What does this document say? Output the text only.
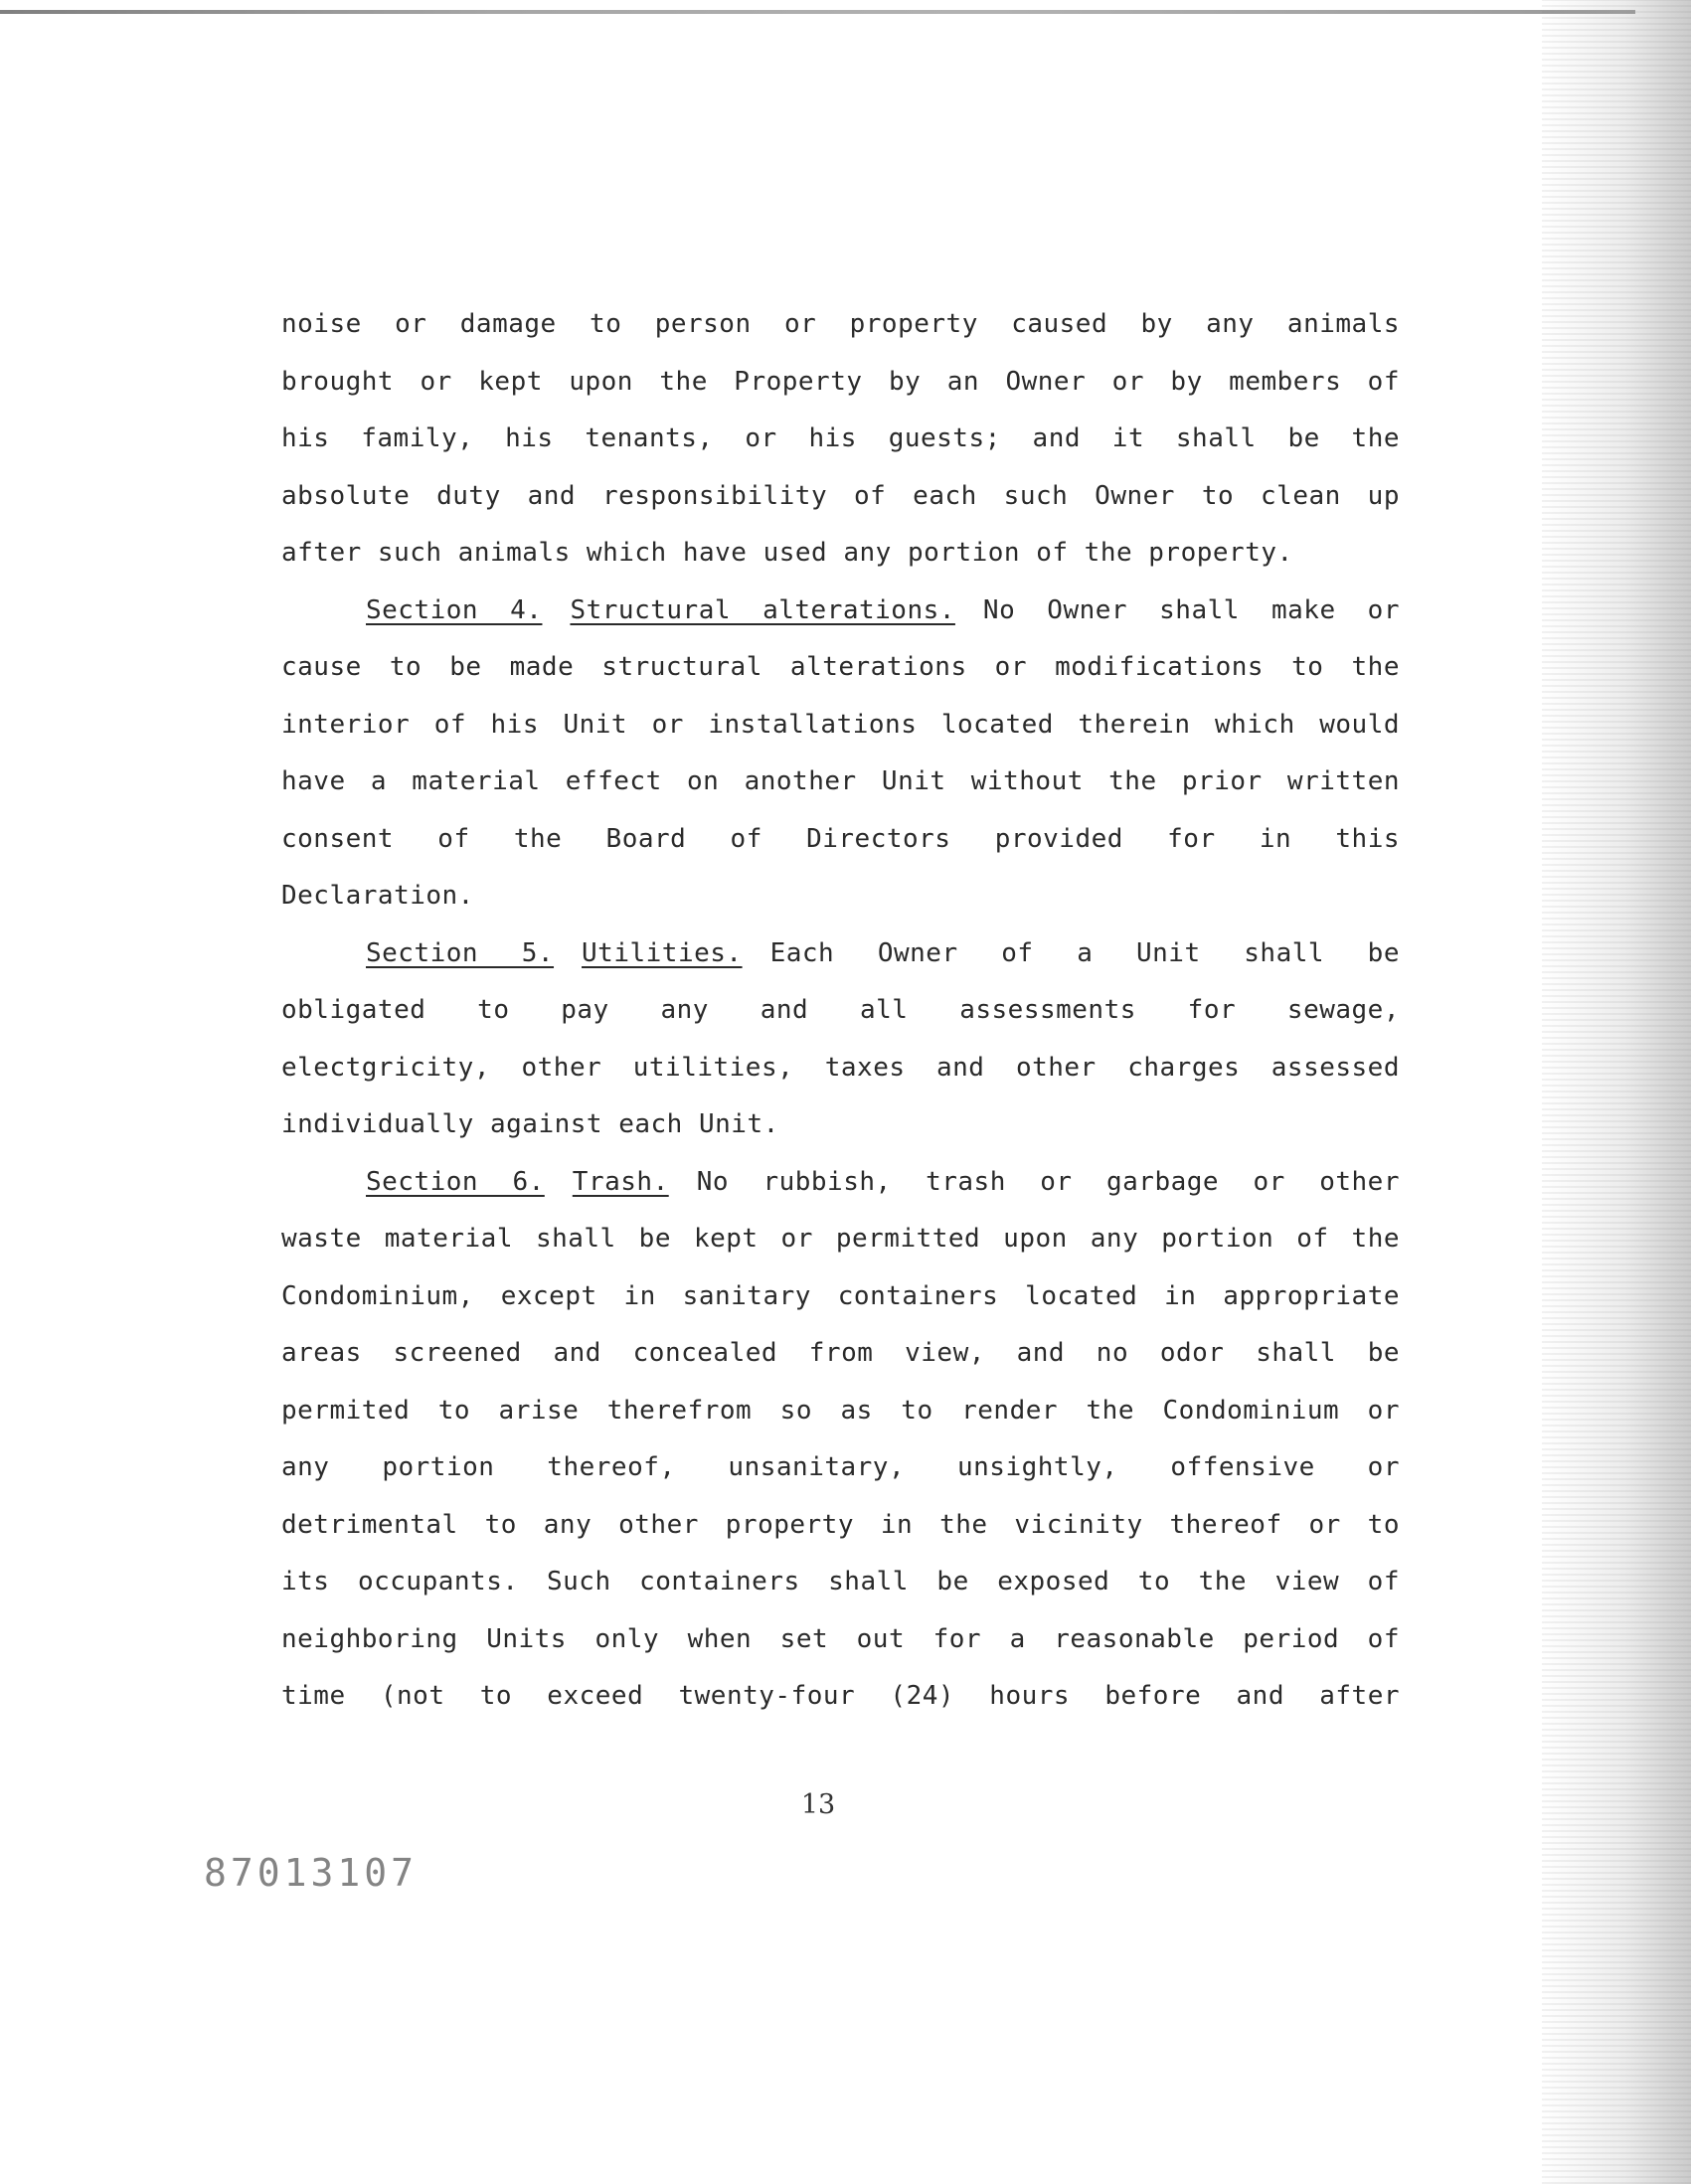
noise or damage to person or property caused by any animals
brought or kept upon the Property by an Owner or by members of
his family, his tenants, or his guests; and it shall be the
absolute duty and responsibility of each such Owner to clean up
after such animals which have used any portion of the property.
Section 4. Structural alterations. No Owner shall make or
cause to be made structural alterations or modifications to the
interior of his Unit or installations located therein which would
have a material effect on another Unit without the prior written
consent of the Board of Directors provided for in this
Declaration.
Section 5. Utilities. Each Owner of a Unit shall be
obligated to pay any and all assessments for sewage,
electgricity, other utilities, taxes and other charges assessed
individually against each Unit.
Section 6. Trash. No rubbish, trash or garbage or other
waste material shall be kept or permitted upon any portion of the
Condominium, except in sanitary containers located in appropriate
areas screened and concealed from view, and no odor shall be
permited to arise therefrom so as to render the Condominium or
any portion thereof, unsanitary, unsightly, offensive or
detrimental to any other property in the vicinity thereof or to
its occupants. Such containers shall be exposed to the view of
neighboring Units only when set out for a reasonable period of
time (not to exceed twenty-four (24) hours before and after
13
87013107
